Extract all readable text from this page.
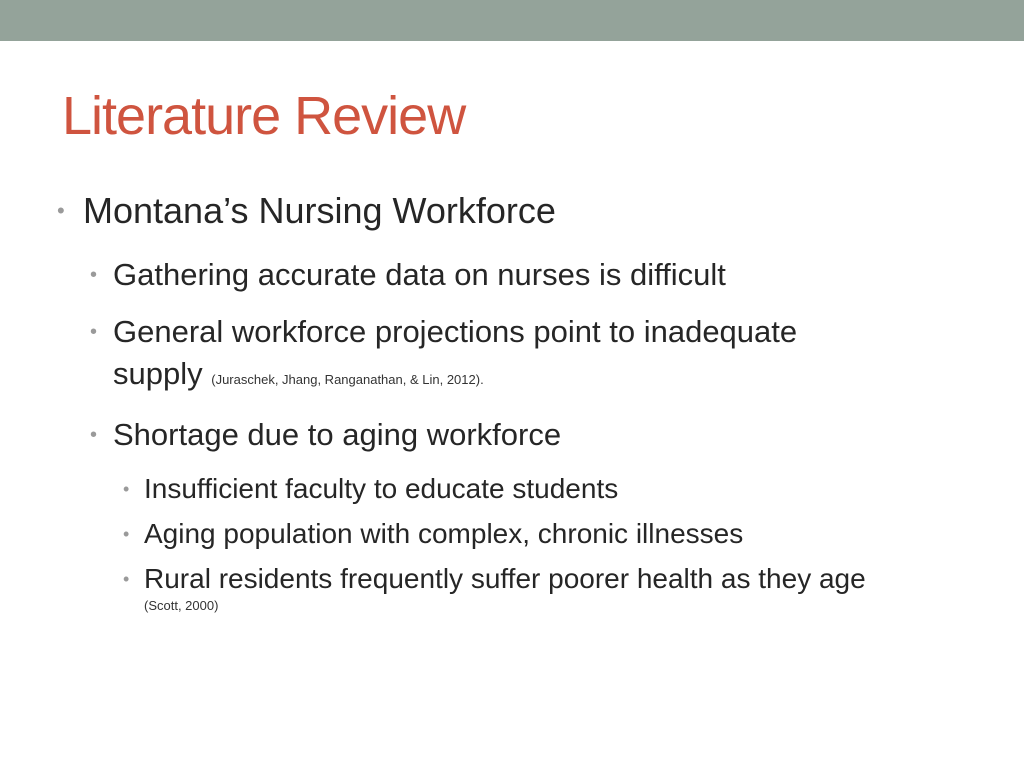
Literature Review
• Montana’s Nursing Workforce
• Gathering accurate data on nurses is difficult
• General workforce projections point to inadequate
supply (Juraschek, Jhang, Ranganathan, & Lin, 2012).
• Shortage due to aging workforce
• Insufficient faculty to educate students
• Aging population with complex, chronic illnesses
• Rural residents frequently suffer poorer health as they age
(Scott, 2000)
